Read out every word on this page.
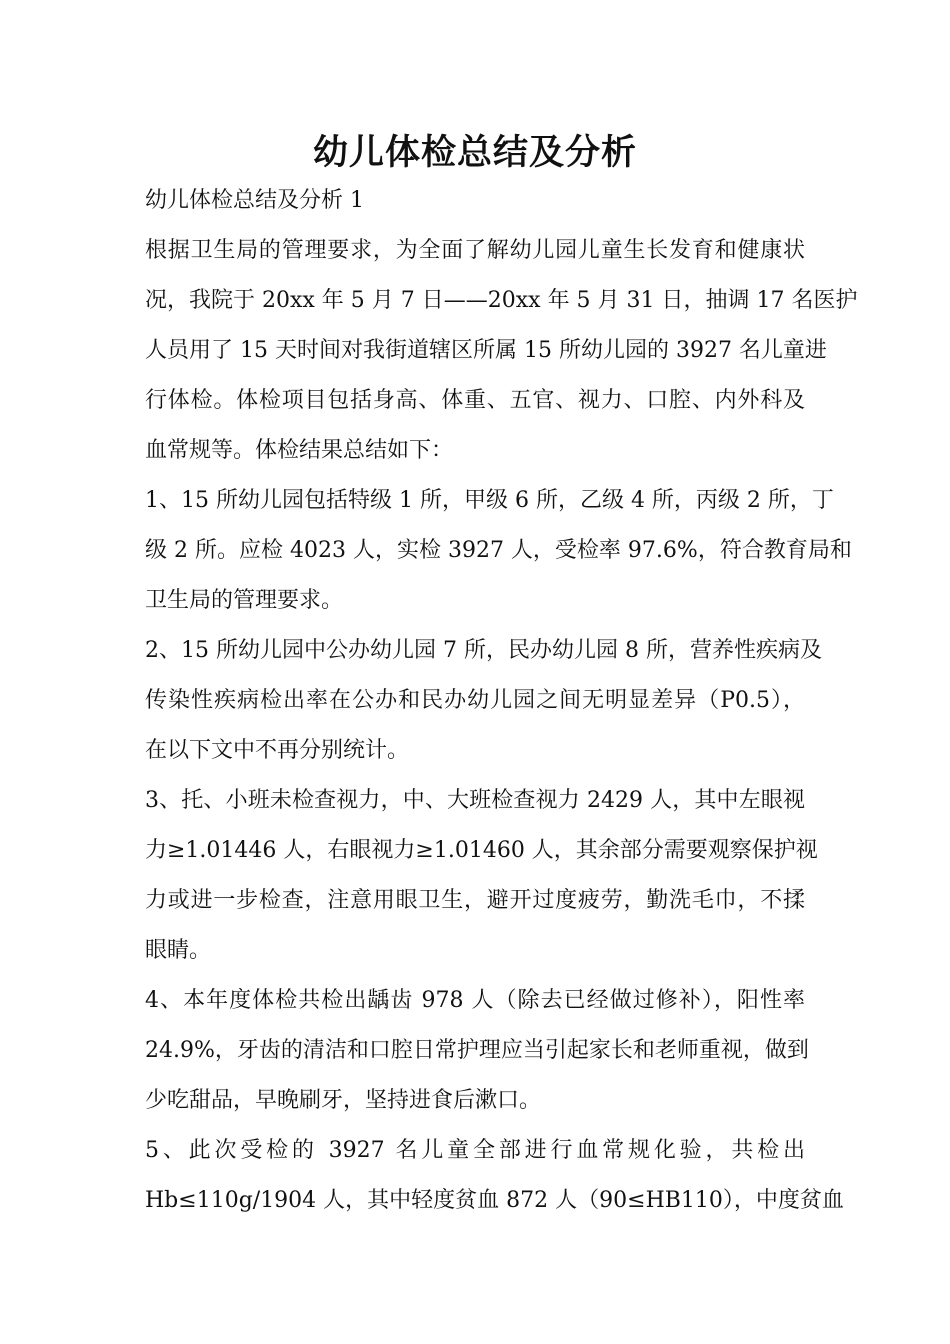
幼儿体检总结及分析
幼儿体检总结及分析 1
根据卫生局的管理要求，为全面了解幼儿园儿童生长发育和健康状
况，我院于 20xx 年 5 月 7 日——20xx 年 5 月 31 日，抽调 17 名医护
人员用了 15 天时间对我街道辖区所属 15 所幼儿园的 3927 名儿童进
行体检。体检项目包括身高、体重、五官、视力、口腔、内外科及
血常规等。体检结果总结如下：
1、15 所幼儿园包括特级 1 所，甲级 6 所，乙级 4 所，丙级 2 所，丁
级 2 所。应检 4023 人，实检 3927 人，受检率 97.6%，符合教育局和
卫生局的管理要求。
2、15 所幼儿园中公办幼儿园 7 所，民办幼儿园 8 所，营养性疾病及
传染性疾病检出率在公办和民办幼儿园之间无明显差异（P0.5），
在以下文中不再分别统计。
3、托、小班未检查视力，中、大班检查视力 2429 人，其中左眼视
力≥1.01446 人，右眼视力≥1.01460 人，其余部分需要观察保护视
力或进一步检查，注意用眼卫生，避开过度疲劳，勤洗毛巾，不揉
眼睛。
4、本年度体检共检出龋齿 978 人（除去已经做过修补），阳性率
24.9%，牙齿的清洁和口腔日常护理应当引起家长和老师重视，做到
少吃甜品，早晚刷牙，坚持进食后漱口。
5、此次受检的 3927 名儿童全部进行血常规化验，共检出
Hb≤110g/1904 人，其中轻度贫血 872 人（90≤HB110），中度贫血
